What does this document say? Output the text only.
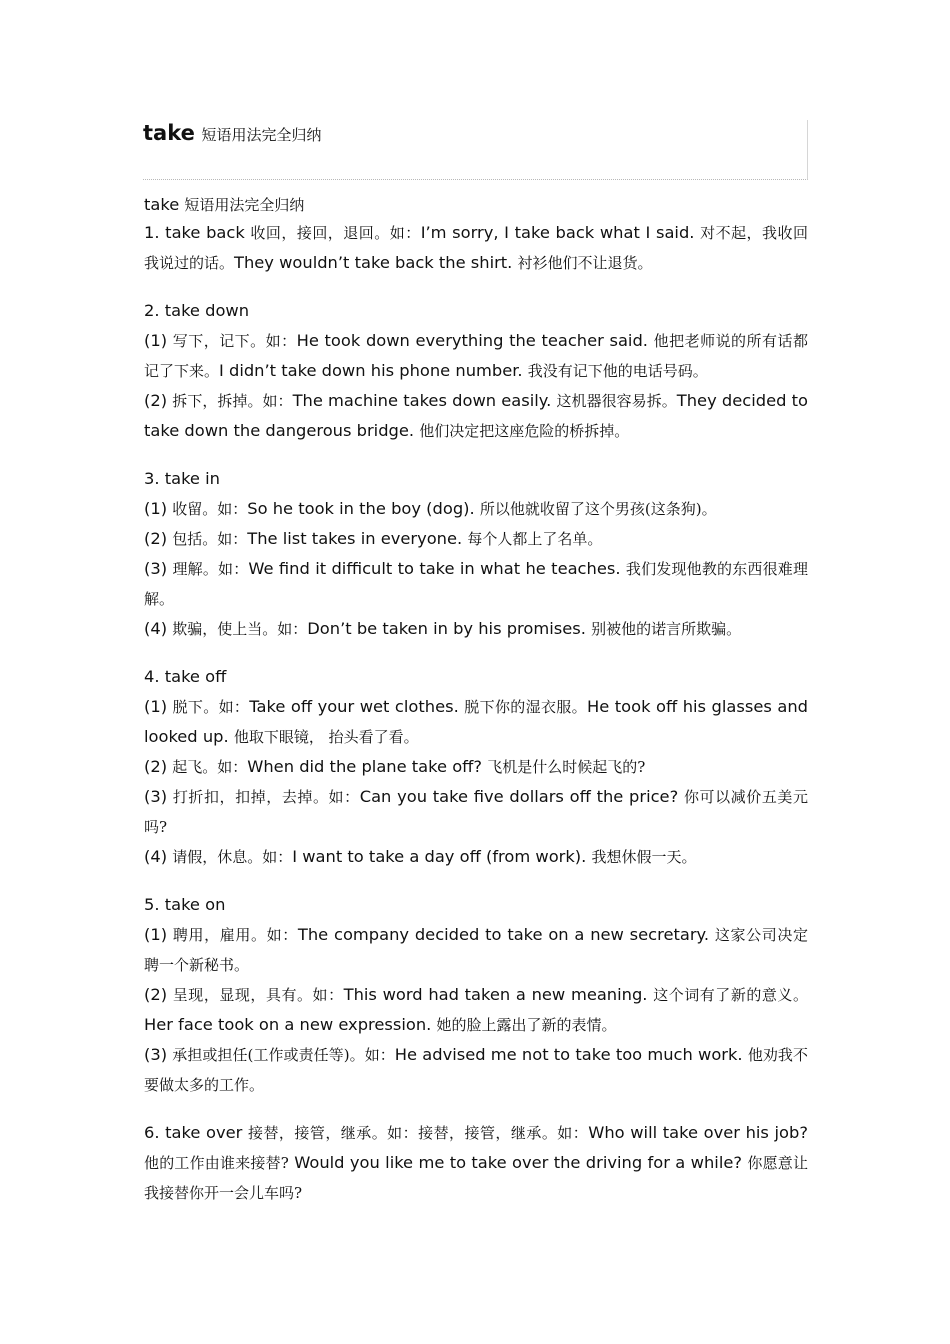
take 短语用法完全归纳

take 短语用法完全归纳

1. take back 收回，接回，退回。如：I’m sorry, I take back what I said. 对不起，我收回我说过的话。They wouldn’t take back the shirt. 衬衫他们不让退货。

2. take down

(1) 写下，记下。如：He took down everything the teacher said. 他把老师说的所有话都记了下来。I didn’t take down his phone number. 我没有记下他的电话号码。

(2) 拆下，拆掉。如：The machine takes down easily. 这机器很容易拆。They decided to take down the dangerous bridge. 他们决定把这座危险的桥拆掉。

3. take in

(1) 收留。如：So he took in the boy (dog). 所以他就收留了这个男孩(这条狗)。

(2) 包括。如：The list takes in everyone. 每个人都上了名单。

(3) 理解。如：We find it difficult to take in what he teaches. 我们发现他教的东西很难理解。

(4) 欺骗，使上当。如：Don’t be taken in by his promises. 别被他的诺言所欺骗。

4. take off

(1) 脱下。如：Take off your wet clothes. 脱下你的湿衣服。He took off his glasses and looked up. 他取下眼镜， 抬头看了看。

(2) 起飞。如：When did the plane take off? 飞机是什么时候起飞的?

(3) 打折扣，扣掉，去掉。如：Can you take five dollars off the price? 你可以减价五美元吗?

(4) 请假，休息。如：I want to take a day off (from work). 我想休假一天。

5. take on

(1) 聘用，雇用。如：The company decided to take on a new secretary. 这家公司决定聘一个新秘书。

(2) 呈现，显现，具有。如：This word had taken a new meaning. 这个词有了新的意义。Her face took on a new expression. 她的脸上露出了新的表情。

(3) 承担或担任(工作或责任等)。如：He advised me not to take too much work. 他劝我不要做太多的工作。

6. take over 接替，接管，继承。如：接替，接管，继承。如：Who will take over his job? 他的工作由谁来接替? Would you like me to take over the driving for a while? 你愿意让我接替你开一会儿车吗?
